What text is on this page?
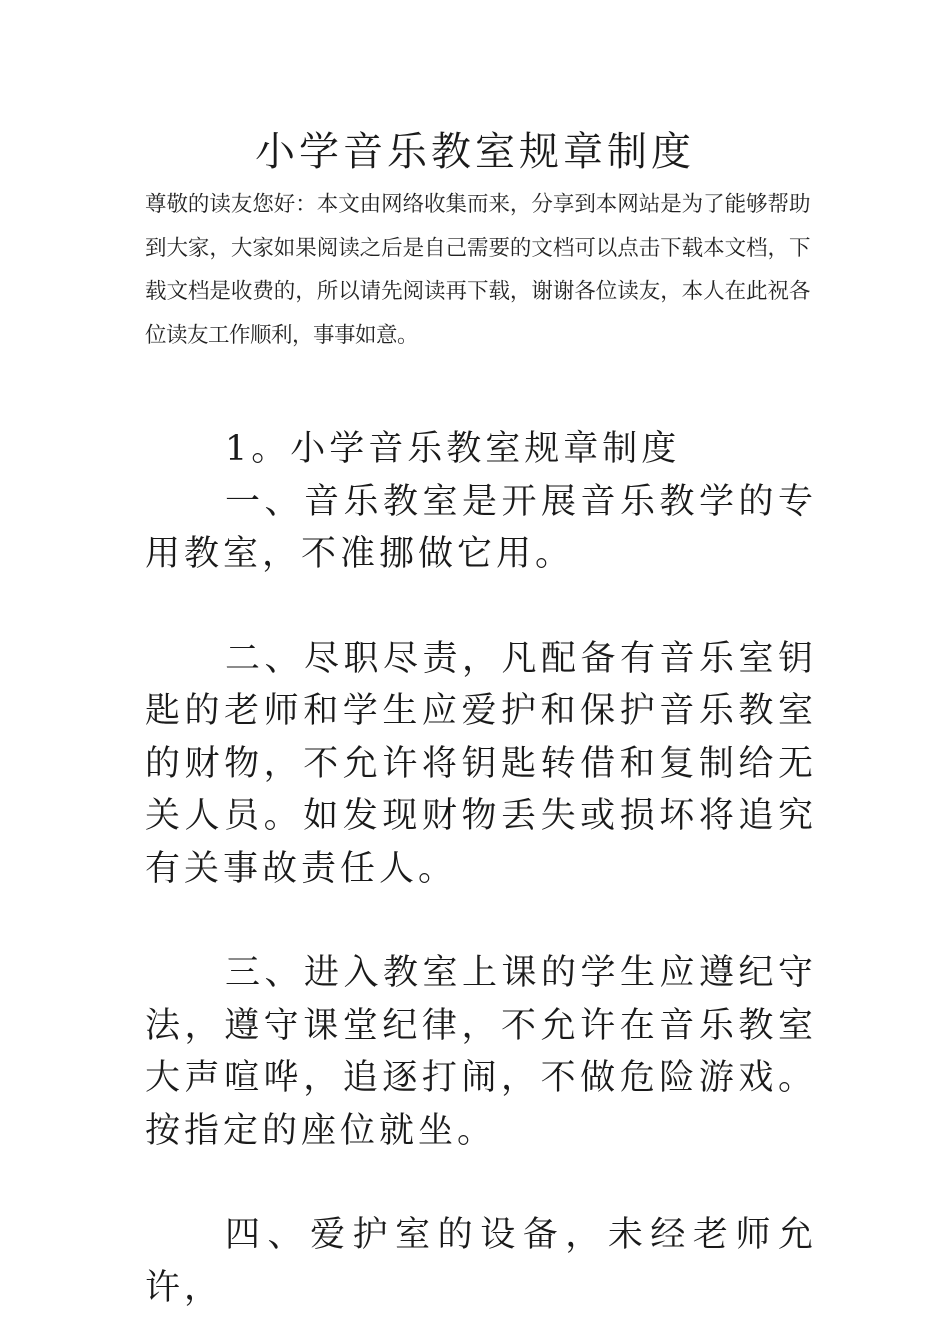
小学音乐教室规章制度
尊敬的读友您好：本文由网络收集而来，分享到本网站是为了能够帮助到大家，大家如果阅读之后是自己需要的文档可以点击下载本文档，下载文档是收费的，所以请先阅读再下载，谢谢各位读友，本人在此祝各位读友工作顺利，事事如意。

1。小学音乐教室规章制度

一、音乐教室是开展音乐教学的专用教室，不准挪做它用。

二、尽职尽责，凡配备有音乐室钥匙的老师和学生应爱护和保护音乐教室的财物，不允许将钥匙转借和复制给无关人员。如发现财物丢失或损坏将追究有关事故责任人。

三、进入教室上课的学生应遵纪守法，遵守课堂纪律，不允许在音乐教室大声喧哗，追逐打闹，不做危险游戏。按指定的座位就坐。

四、爱护室的设备，未经老师允许，
